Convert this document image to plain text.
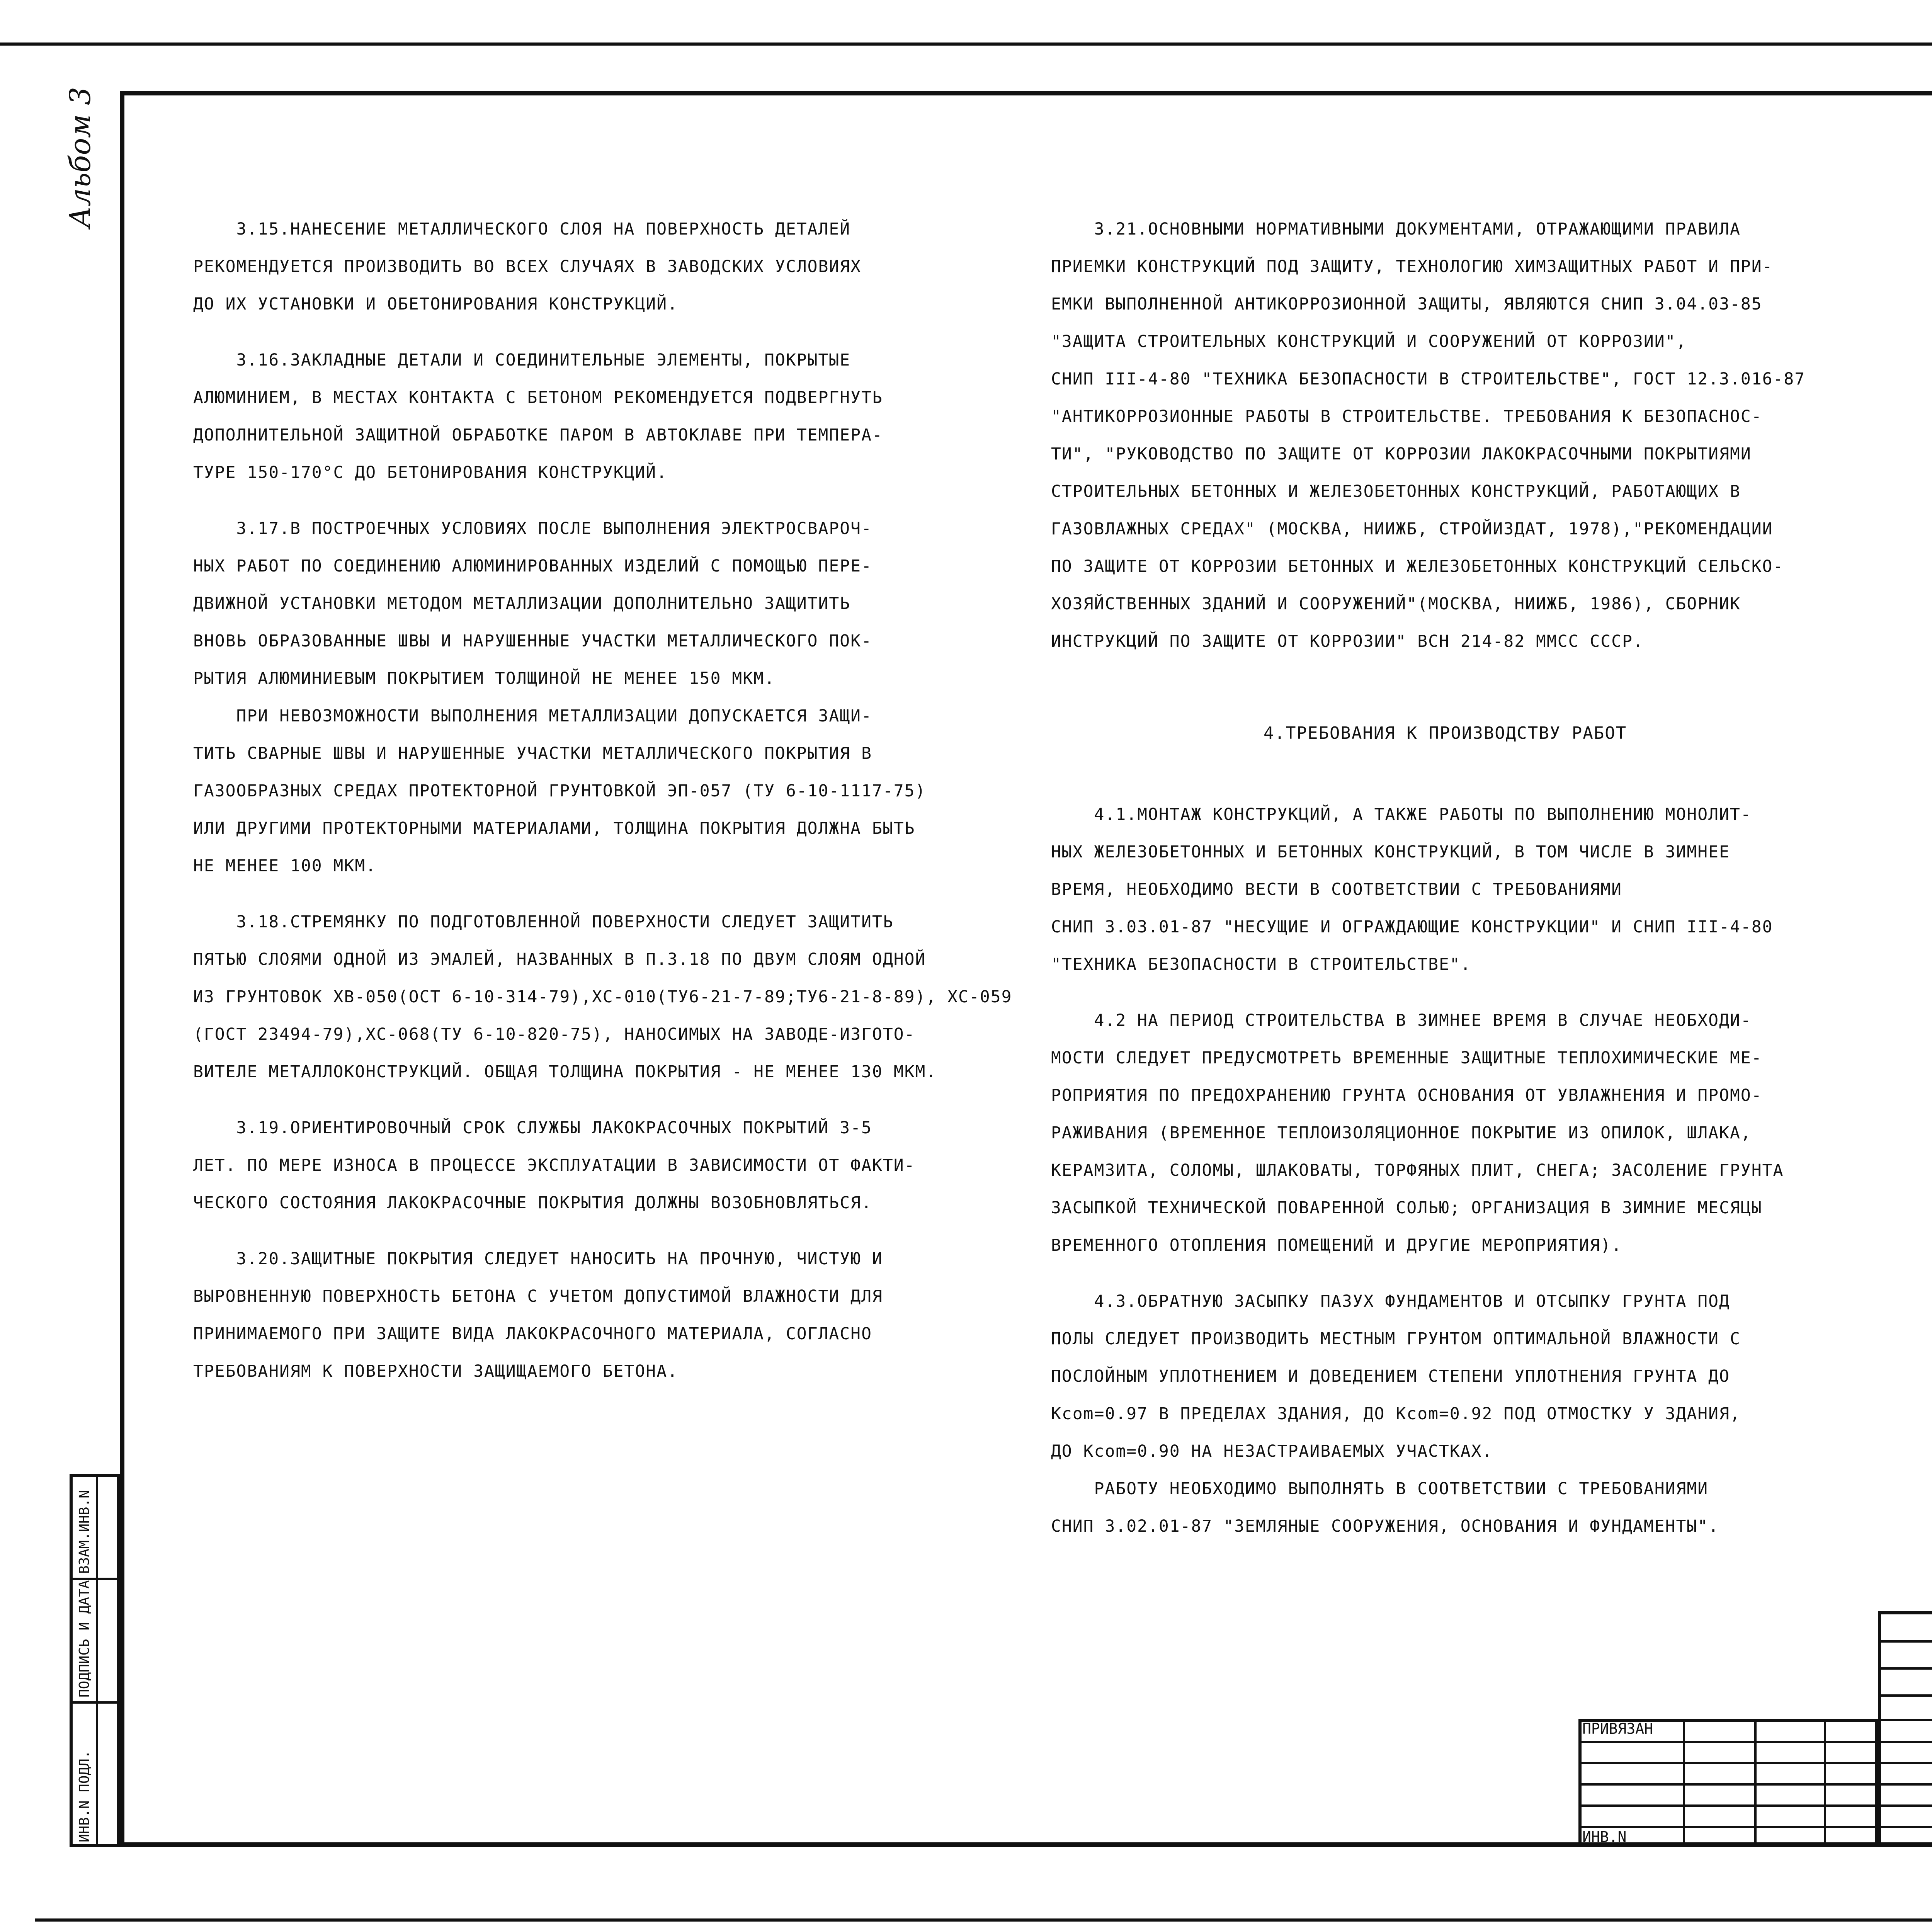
Альбом 3

3.15.НАНЕСЕНИЕ МЕТАЛЛИЧЕСКОГО СЛОЯ НА ПОВЕРХНОСТЬ ДЕТАЛЕЙ

РЕКОМЕНДУЕТСЯ ПРОИЗВОДИТЬ ВО ВСЕХ СЛУЧАЯХ В ЗАВОДСКИХ УСЛОВИЯХ

ДО ИХ УСТАНОВКИ И ОБЕТОНИРОВАНИЯ КОНСТРУКЦИЙ.

3.16.ЗАКЛАДНЫЕ ДЕТАЛИ И СОЕДИНИТЕЛЬНЫЕ ЭЛЕМЕНТЫ, ПОКРЫТЫЕ

АЛЮМИНИЕМ, В МЕСТАХ КОНТАКТА С БЕТОНОМ РЕКОМЕНДУЕТСЯ ПОДВЕРГНУТЬ

ДОПОЛНИТЕЛЬНОЙ ЗАЩИТНОЙ ОБРАБОТКЕ ПАРОМ В АВТОКЛАВЕ ПРИ ТЕМПЕРА-

ТУРЕ 150-170°С ДО БЕТОНИРОВАНИЯ КОНСТРУКЦИЙ.

3.17.В ПОСТРОЕЧНЫХ УСЛОВИЯХ ПОСЛЕ ВЫПОЛНЕНИЯ ЭЛЕКТРОСВАРОЧ-

НЫХ РАБОТ ПО СОЕДИНЕНИЮ АЛЮМИНИРОВАННЫХ ИЗДЕЛИЙ С ПОМОЩЬЮ ПЕРЕ-

ДВИЖНОЙ УСТАНОВКИ МЕТОДОМ МЕТАЛЛИЗАЦИИ ДОПОЛНИТЕЛЬНО ЗАЩИТИТЬ

ВНОВЬ ОБРАЗОВАННЫЕ ШВЫ И НАРУШЕННЫЕ УЧАСТКИ МЕТАЛЛИЧЕСКОГО ПОК-

РЫТИЯ АЛЮМИНИЕВЫМ ПОКРЫТИЕМ ТОЛЩИНОЙ НЕ МЕНЕЕ 150 МКМ.

ПРИ НЕВОЗМОЖНОСТИ ВЫПОЛНЕНИЯ МЕТАЛЛИЗАЦИИ ДОПУСКАЕТСЯ ЗАЩИ-

ТИТЬ СВАРНЫЕ ШВЫ И НАРУШЕННЫЕ УЧАСТКИ МЕТАЛЛИЧЕСКОГО ПОКРЫТИЯ В

ГАЗООБРАЗНЫХ СРЕДАХ ПРОТЕКТОРНОЙ ГРУНТОВКОЙ ЭП-057 (ТУ 6-10-1117-75)

ИЛИ ДРУГИМИ ПРОТЕКТОРНЫМИ МАТЕРИАЛАМИ, ТОЛЩИНА ПОКРЫТИЯ ДОЛЖНА БЫТЬ

НЕ МЕНЕЕ 100 МКМ.

3.18.СТРЕМЯНКУ ПО ПОДГОТОВЛЕННОЙ ПОВЕРХНОСТИ СЛЕДУЕТ ЗАЩИТИТЬ

ПЯТЬЮ СЛОЯМИ ОДНОЙ ИЗ ЭМАЛЕЙ, НАЗВАННЫХ В П.3.18 ПО ДВУМ СЛОЯМ ОДНОЙ

ИЗ ГРУНТОВОК ХВ-050(ОСТ 6-10-314-79),ХС-010(ТУ6-21-7-89;ТУ6-21-8-89), ХС-059

(ГОСТ 23494-79),ХС-068(ТУ 6-10-820-75), НАНОСИМЫХ НА ЗАВОДЕ-ИЗГОТО-

ВИТЕЛЕ МЕТАЛЛОКОНСТРУКЦИЙ. ОБЩАЯ ТОЛЩИНА ПОКРЫТИЯ - НЕ МЕНЕЕ 130 МКМ.

3.19.ОРИЕНТИРОВОЧНЫЙ СРОК СЛУЖБЫ ЛАКОКРАСОЧНЫХ ПОКРЫТИЙ 3-5

ЛЕТ. ПО МЕРЕ ИЗНОСА В ПРОЦЕССЕ ЭКСПЛУАТАЦИИ В ЗАВИСИМОСТИ ОТ ФАКТИ-

ЧЕСКОГО СОСТОЯНИЯ ЛАКОКРАСОЧНЫЕ ПОКРЫТИЯ ДОЛЖНЫ ВОЗОБНОВЛЯТЬСЯ.

3.20.ЗАЩИТНЫЕ ПОКРЫТИЯ СЛЕДУЕТ НАНОСИТЬ НА ПРОЧНУЮ, ЧИСТУЮ И

ВЫРОВНЕННУЮ ПОВЕРХНОСТЬ БЕТОНА С УЧЕТОМ ДОПУСТИМОЙ ВЛАЖНОСТИ ДЛЯ

ПРИНИМАЕМОГО ПРИ ЗАЩИТЕ ВИДА ЛАКОКРАСОЧНОГО МАТЕРИАЛА, СОГЛАСНО

ТРЕБОВАНИЯМ К ПОВЕРХНОСТИ ЗАЩИЩАЕМОГО БЕТОНА.

3.21.ОСНОВНЫМИ НОРМАТИВНЫМИ ДОКУМЕНТАМИ, ОТРАЖАЮЩИМИ ПРАВИЛА

ПРИЕМКИ КОНСТРУКЦИЙ ПОД ЗАЩИТУ, ТЕХНОЛОГИЮ ХИМЗАЩИТНЫХ РАБОТ И ПРИ-

ЕМКИ ВЫПОЛНЕННОЙ АНТИКОРРОЗИОННОЙ ЗАЩИТЫ, ЯВЛЯЮТСЯ СНИП 3.04.03-85

"ЗАЩИТА СТРОИТЕЛЬНЫХ КОНСТРУКЦИЙ И СООРУЖЕНИЙ ОТ КОРРОЗИИ",

СНИП III-4-80 "ТЕХНИКА БЕЗОПАСНОСТИ В СТРОИТЕЛЬСТВЕ", ГОСТ 12.3.016-87

"АНТИКОРРОЗИОННЫЕ РАБОТЫ В СТРОИТЕЛЬСТВЕ. ТРЕБОВАНИЯ К БЕЗОПАСНОС-

ТИ", "РУКОВОДСТВО ПО ЗАЩИТЕ ОТ КОРРОЗИИ ЛАКОКРАСОЧНЫМИ ПОКРЫТИЯМИ

СТРОИТЕЛЬНЫХ БЕТОННЫХ И ЖЕЛЕЗОБЕТОННЫХ КОНСТРУКЦИЙ, РАБОТАЮЩИХ В

ГАЗОВЛАЖНЫХ СРЕДАХ" (МОСКВА, НИИЖБ, СТРОЙИЗДАТ, 1978),"РЕКОМЕНДАЦИИ

ПО ЗАЩИТЕ ОТ КОРРОЗИИ БЕТОННЫХ И ЖЕЛЕЗОБЕТОННЫХ КОНСТРУКЦИЙ СЕЛЬСКО-

ХОЗЯЙСТВЕННЫХ ЗДАНИЙ И СООРУЖЕНИЙ"(МОСКВА, НИИЖБ, 1986), СБОРНИК

ИНСТРУКЦИЙ ПО ЗАЩИТЕ ОТ КОРРОЗИИ" ВСН 214-82 ММСС СССР.

4.ТРЕБОВАНИЯ К ПРОИЗВОДСТВУ РАБОТ

4.1.МОНТАЖ КОНСТРУКЦИЙ, А ТАКЖЕ РАБОТЫ ПО ВЫПОЛНЕНИЮ МОНОЛИТ-

НЫХ ЖЕЛЕЗОБЕТОННЫХ И БЕТОННЫХ КОНСТРУКЦИЙ, В ТОМ ЧИСЛЕ В ЗИМНЕЕ

ВРЕМЯ, НЕОБХОДИМО ВЕСТИ В СООТВЕТСТВИИ С ТРЕБОВАНИЯМИ

СНИП 3.03.01-87 "НЕСУЩИЕ И ОГРАЖДАЮЩИЕ КОНСТРУКЦИИ" И СНИП III-4-80

"ТЕХНИКА БЕЗОПАСНОСТИ В СТРОИТЕЛЬСТВЕ".

4.2 НА ПЕРИОД СТРОИТЕЛЬСТВА В ЗИМНЕЕ ВРЕМЯ В СЛУЧАЕ НЕОБХОДИ-

МОСТИ СЛЕДУЕТ ПРЕДУСМОТРЕТЬ ВРЕМЕННЫЕ ЗАЩИТНЫЕ ТЕПЛОХИМИЧЕСКИЕ МЕ-

РОПРИЯТИЯ ПО ПРЕДОХРАНЕНИЮ ГРУНТА ОСНОВАНИЯ ОТ УВЛАЖНЕНИЯ И ПРОМО-

РАЖИВАНИЯ (ВРЕМЕННОЕ ТЕПЛОИЗОЛЯЦИОННОЕ ПОКРЫТИЕ ИЗ ОПИЛОК, ШЛАКА,

КЕРАМЗИТА, СОЛОМЫ, ШЛАКОВАТЫ, ТОРФЯНЫХ ПЛИТ, СНЕГА; ЗАСОЛЕНИЕ ГРУНТА

ЗАСЫПКОЙ ТЕХНИЧЕСКОЙ ПОВАРЕННОЙ СОЛЬЮ; ОРГАНИЗАЦИЯ В ЗИМНИЕ МЕСЯЦЫ

ВРЕМЕННОГО ОТОПЛЕНИЯ ПОМЕЩЕНИЙ И ДРУГИЕ МЕРОПРИЯТИЯ).

4.3.ОБРАТНУЮ ЗАСЫПКУ ПАЗУХ ФУНДАМЕНТОВ И ОТСЫПКУ ГРУНТА ПОД

ПОЛЫ СЛЕДУЕТ ПРОИЗВОДИТЬ МЕСТНЫМ ГРУНТОМ ОПТИМАЛЬНОЙ ВЛАЖНОСТИ С

ПОСЛОЙНЫМ УПЛОТНЕНИЕМ И ДОВЕДЕНИЕМ СТЕПЕНИ УПЛОТНЕНИЯ ГРУНТА ДО

Kcom=0.97 В ПРЕДЕЛАХ ЗДАНИЯ, ДО Kcom=0.92 ПОД ОТМОСТКУ У ЗДАНИЯ,

ДО Kcom=0.90 НА НЕЗАСТРАИВАЕМЫХ УЧАСТКАХ.

РАБОТУ НЕОБХОДИМО ВЫПОЛНЯТЬ В СООТВЕТСТВИИ С ТРЕБОВАНИЯМИ

СНИП 3.02.01-87 "ЗЕМЛЯНЫЕ СООРУЖЕНИЯ, ОСНОВАНИЯ И ФУНДАМЕНТЫ".

ВЗАМ.ИНВ.N
ПОДПИСЬ И ДАТА
ИНВ.N ПОДЛ.
ПРИВЯЗАН
ИНВ.N
